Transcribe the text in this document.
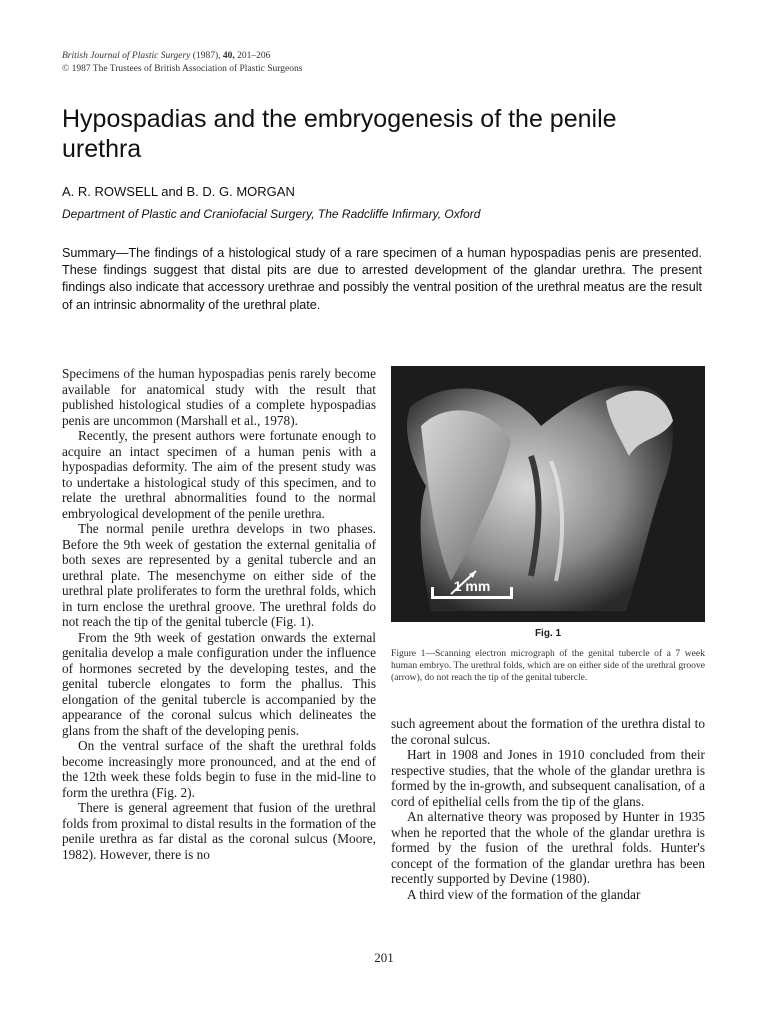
British Journal of Plastic Surgery (1987), 40, 201–206
© 1987 The Trustees of British Association of Plastic Surgeons
Hypospadias and the embryogenesis of the penile urethra
A. R. ROWSELL and B. D. G. MORGAN
Department of Plastic and Craniofacial Surgery, The Radcliffe Infirmary, Oxford

Summary—The findings of a histological study of a rare specimen of a human hypospadias penis are presented. These findings suggest that distal pits are due to arrested development of the glandar urethra. The present findings also indicate that accessory urethrae and possibly the ventral position of the urethral meatus are the result of an intrinsic abnormality of the urethral plate.

Specimens of the human hypospadias penis rarely become available for anatomical study with the result that published histological studies of a complete hypospadias penis are uncommon (Marshall et al., 1978).

Recently, the present authors were fortunate enough to acquire an intact specimen of a human penis with a hypospadias deformity. The aim of the present study was to undertake a histological study of this specimen, and to relate the urethral abnormalities found to the normal embryological development of the penile urethra.

The normal penile urethra develops in two phases. Before the 9th week of gestation the external genitalia of both sexes are represented by a genital tubercle and an urethral plate. The mesenchyme on either side of the urethral plate proliferates to form the urethral folds, which in turn enclose the urethral groove. The urethral folds do not reach the tip of the genital tubercle (Fig. 1).

From the 9th week of gestation onwards the external genitalia develop a male configuration under the influence of hormones secreted by the developing testes, and the genital tubercle elongates to form the phallus. This elongation of the genital tubercle is accompanied by the appearance of the coronal sulcus which delineates the glans from the shaft of the developing penis.

On the ventral surface of the shaft the urethral folds become increasingly more pronounced, and at the end of the 12th week these folds begin to fuse in the mid-line to form the urethra (Fig. 2).

There is general agreement that fusion of the urethral folds from proximal to distal results in the formation of the penile urethra as far distal as the coronal sulcus (Moore, 1982). However, there is no

1 mm
Fig. 1
Figure 1—Scanning electron micrograph of the genital tubercle of a 7 week human embryo. The urethral folds, which are on either side of the urethral groove (arrow), do not reach the tip of the genital tubercle.

such agreement about the formation of the urethra distal to the coronal sulcus.

Hart in 1908 and Jones in 1910 concluded from their respective studies, that the whole of the glandar urethra is formed by the in-growth, and subsequent canalisation, of a cord of epithelial cells from the tip of the glans.

An alternative theory was proposed by Hunter in 1935 when he reported that the whole of the glandar urethra is formed by the fusion of the urethral folds. Hunter's concept of the formation of the glandar urethra has been recently supported by Devine (1980).

A third view of the formation of the glandar

201
